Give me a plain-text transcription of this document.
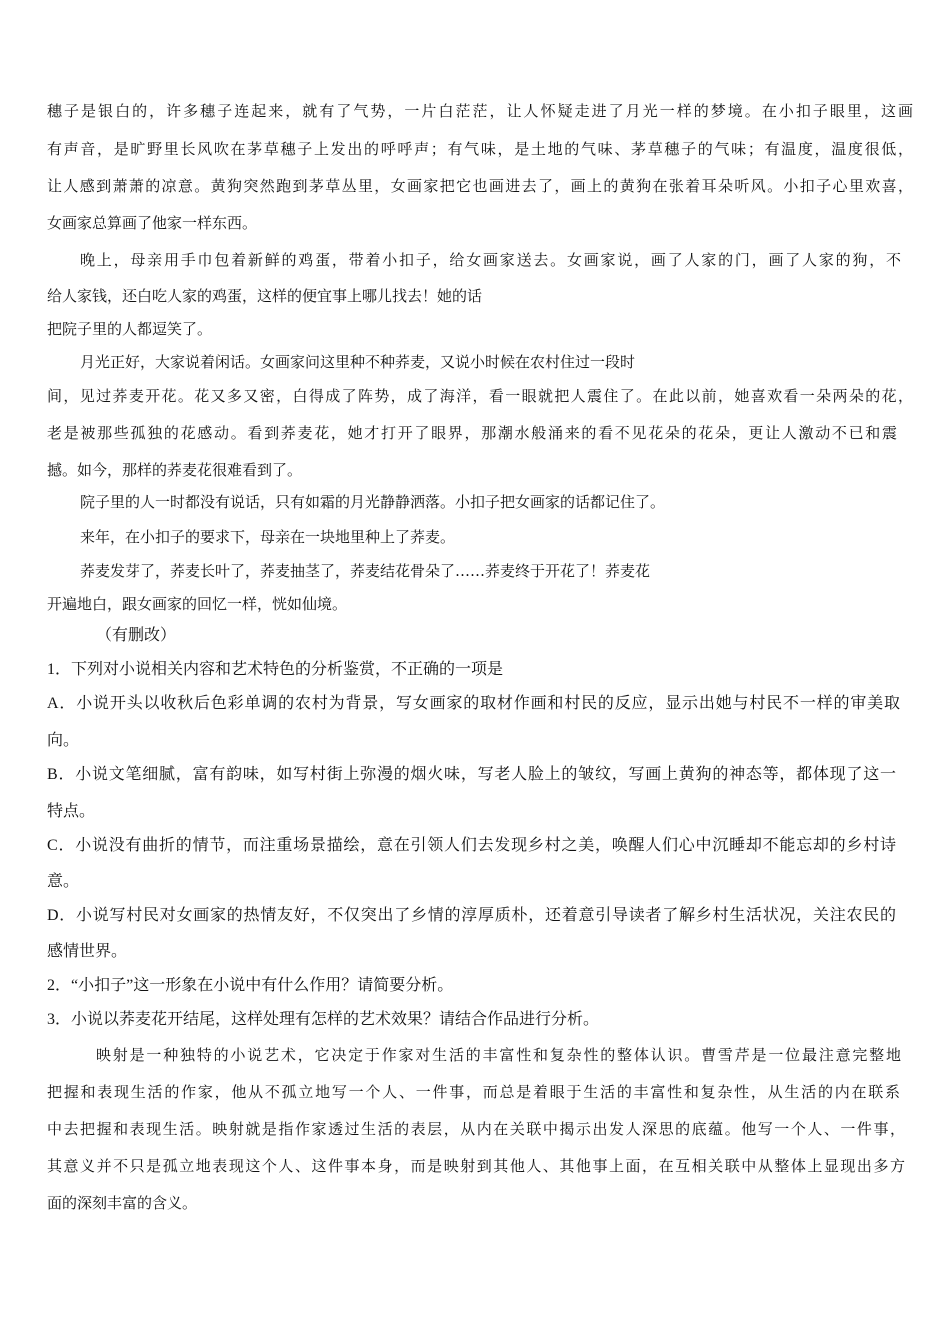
穗子是银白的，许多穗子连起来，就有了气势，一片白茫茫，让人怀疑走进了月光一样的梦境。在小扣子眼里，这画
有声音，是旷野里长风吹在茅草穗子上发出的呼呼声；有气味，是土地的气味、茅草穗子的气味；有温度，温度很低，
让人感到萧萧的凉意。黄狗突然跑到茅草丛里，女画家把它也画进去了，画上的黄狗在张着耳朵听风。小扣子心里欢喜，
女画家总算画了他家一样东西。
晚上，母亲用手巾包着新鲜的鸡蛋，带着小扣子，给女画家送去。女画家说，画了人家的门，画了人家的狗，不
给人家钱，还白吃人家的鸡蛋，这样的便宜事上哪儿找去！她的话
把院子里的人都逗笑了。
月光正好，大家说着闲话。女画家问这里种不种荞麦，又说小时候在农村住过一段时
间，见过荞麦开花。花又多又密，白得成了阵势，成了海洋，看一眼就把人震住了。在此以前，她喜欢看一朵两朵的花，
老是被那些孤独的花感动。看到荞麦花，她才打开了眼界，那潮水般涌来的看不见花朵的花朵，更让人激动不已和震
撼。如今，那样的荞麦花很难看到了。
院子里的人一时都没有说话，只有如霜的月光静静洒落。小扣子把女画家的话都记住了。
来年，在小扣子的要求下，母亲在一块地里种上了荞麦。
荞麦发芽了，荞麦长叶了，荞麦抽茎了，荞麦结花骨朵了……荞麦终于开花了！荞麦花
开遍地白，跟女画家的回忆一样，恍如仙境。
（有删改）
1．下列对小说相关内容和艺术特色的分析鉴赏，不正确的一项是
A．小说开头以收秋后色彩单调的农村为背景，写女画家的取材作画和村民的反应，显示出她与村民不一样的审美取
向。
B．小说文笔细腻，富有韵味，如写村街上弥漫的烟火味，写老人脸上的皱纹，写画上黄狗的神态等，都体现了这一
特点。
C．小说没有曲折的情节，而注重场景描绘，意在引领人们去发现乡村之美，唤醒人们心中沉睡却不能忘却的乡村诗
意。
D．小说写村民对女画家的热情友好，不仅突出了乡情的淳厚质朴，还着意引导读者了解乡村生活状况，关注农民的
感情世界。
2．“小扣子”这一形象在小说中有什么作用？请简要分析。
3．小说以荞麦花开结尾，这样处理有怎样的艺术效果？请结合作品进行分析。
映射是一种独特的小说艺术，它决定于作家对生活的丰富性和复杂性的整体认识。曹雪芹是一位最注意完整地
把握和表现生活的作家，他从不孤立地写一个人、一件事，而总是着眼于生活的丰富性和复杂性，从生活的内在联系
中去把握和表现生活。映射就是指作家透过生活的表层，从内在关联中揭示出发人深思的底蕴。他写一个人、一件事，
其意义并不只是孤立地表现这个人、这件事本身，而是映射到其他人、其他事上面，在互相关联中从整体上显现出多方
面的深刻丰富的含义。
